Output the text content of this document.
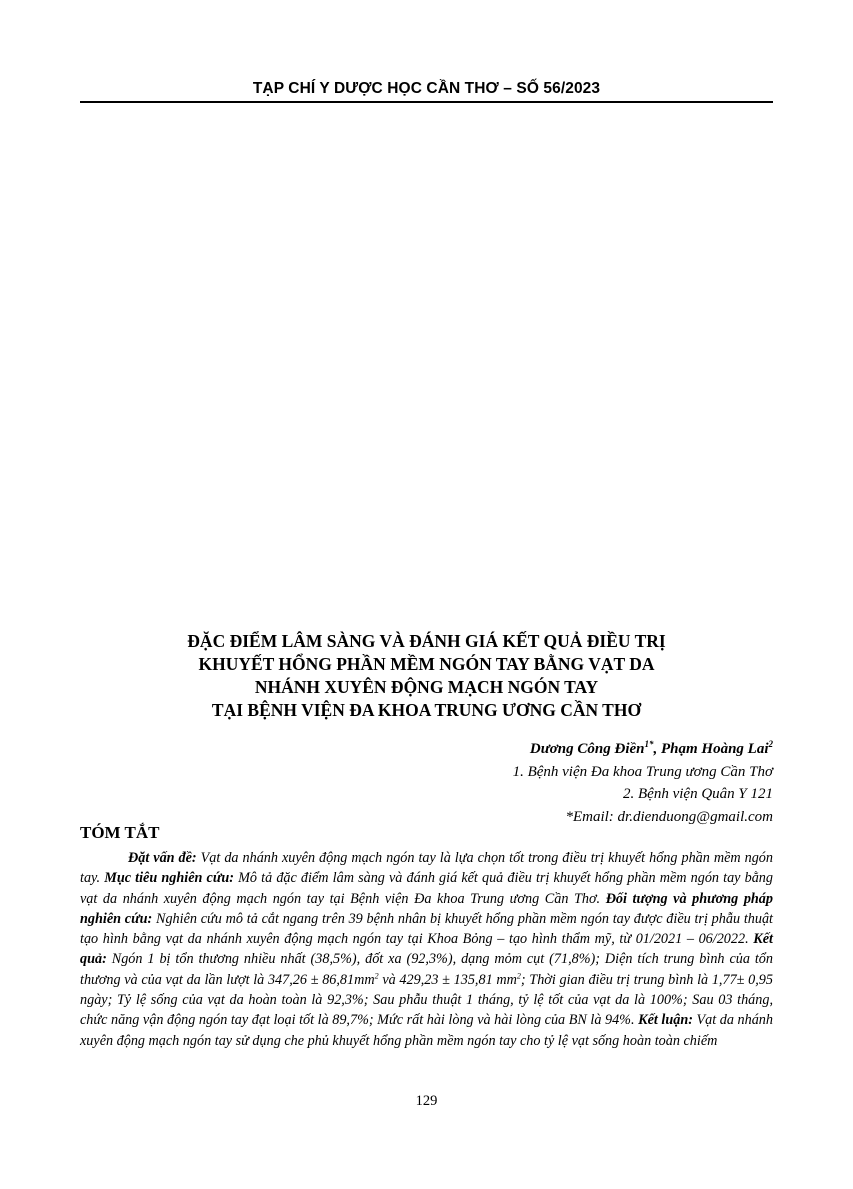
TẠP CHÍ Y DƯỢC HỌC CẦN THƠ – SỐ 56/2023
ĐẶC ĐIỂM LÂM SÀNG VÀ ĐÁNH GIÁ KẾT QUẢ ĐIỀU TRỊ
KHUYẾT HỔNG PHẦN MỀM NGÓN TAY BẰNG VẠT DA
NHÁNH XUYÊN ĐỘNG MẠCH NGÓN TAY
TẠI BỆNH VIỆN ĐA KHOA TRUNG ƯƠNG CẦN THƠ
Dương Công Điền$^{1*}$, Phạm Hoàng Lai$^2$
1. Bệnh viện Đa khoa Trung ương Cần Thơ
2. Bệnh viện Quân Y 121
*Email: dr.dienduong@gmail.com
TÓM TẮT
Đặt vấn đề: Vạt da nhánh xuyên động mạch ngón tay là lựa chọn tốt trong điều trị khuyết hổng phần mềm ngón tay. Mục tiêu nghiên cứu: Mô tả đặc điểm lâm sàng và đánh giá kết quả điều trị khuyết hổng phần mềm ngón tay bằng vạt da nhánh xuyên động mạch ngón tay tại Bệnh viện Đa khoa Trung ương Cần Thơ. Đối tượng và phương pháp nghiên cứu: Nghiên cứu mô tả cắt ngang trên 39 bệnh nhân bị khuyết hổng phần mềm ngón tay được điều trị phẫu thuật tạo hình bằng vạt da nhánh xuyên động mạch ngón tay tại Khoa Bỏng – tạo hình thẩm mỹ, từ 01/2021 – 06/2022. Kết quả: Ngón 1 bị tổn thương nhiều nhất (38,5%), đốt xa (92,3%), dạng mỏm cụt (71,8%); Diện tích trung bình của tổn thương và của vạt da lần lượt là $347,26 \pm 86,81mm^2$ và 429,23 ± 135,81 $mm^2$; Thời gian điều trị trung bình là 1,77± 0,95 ngày; Tỷ lệ sống của vạt da hoàn toàn là 92,3%; Sau phẫu thuật 1 tháng, tỷ lệ tốt của vạt da là 100%; Sau 03 tháng, chức năng vận động ngón tay đạt loại tốt là 89,7%; Mức rất hài lòng và hài lòng của BN là 94%. Kết luận: Vạt da nhánh xuyên động mạch ngón tay sử dụng che phủ khuyết hổng phần mềm ngón tay cho tỷ lệ vạt sống hoàn toàn chiếm
129
